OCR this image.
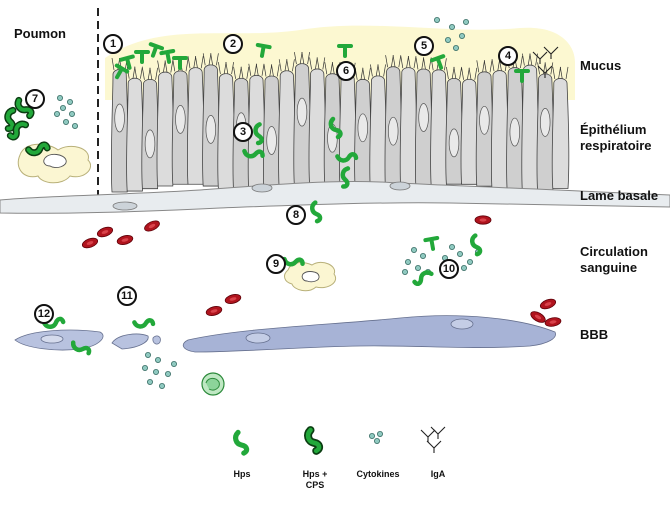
Poumon
Mucus
Épithélium
respiratoire
Lame basale
Circulation
sanguine
BBB
1	2
3
4
5
6
7
8
9	10
11
12
Hps	Hps +
CPS
Cytokines	IgA
